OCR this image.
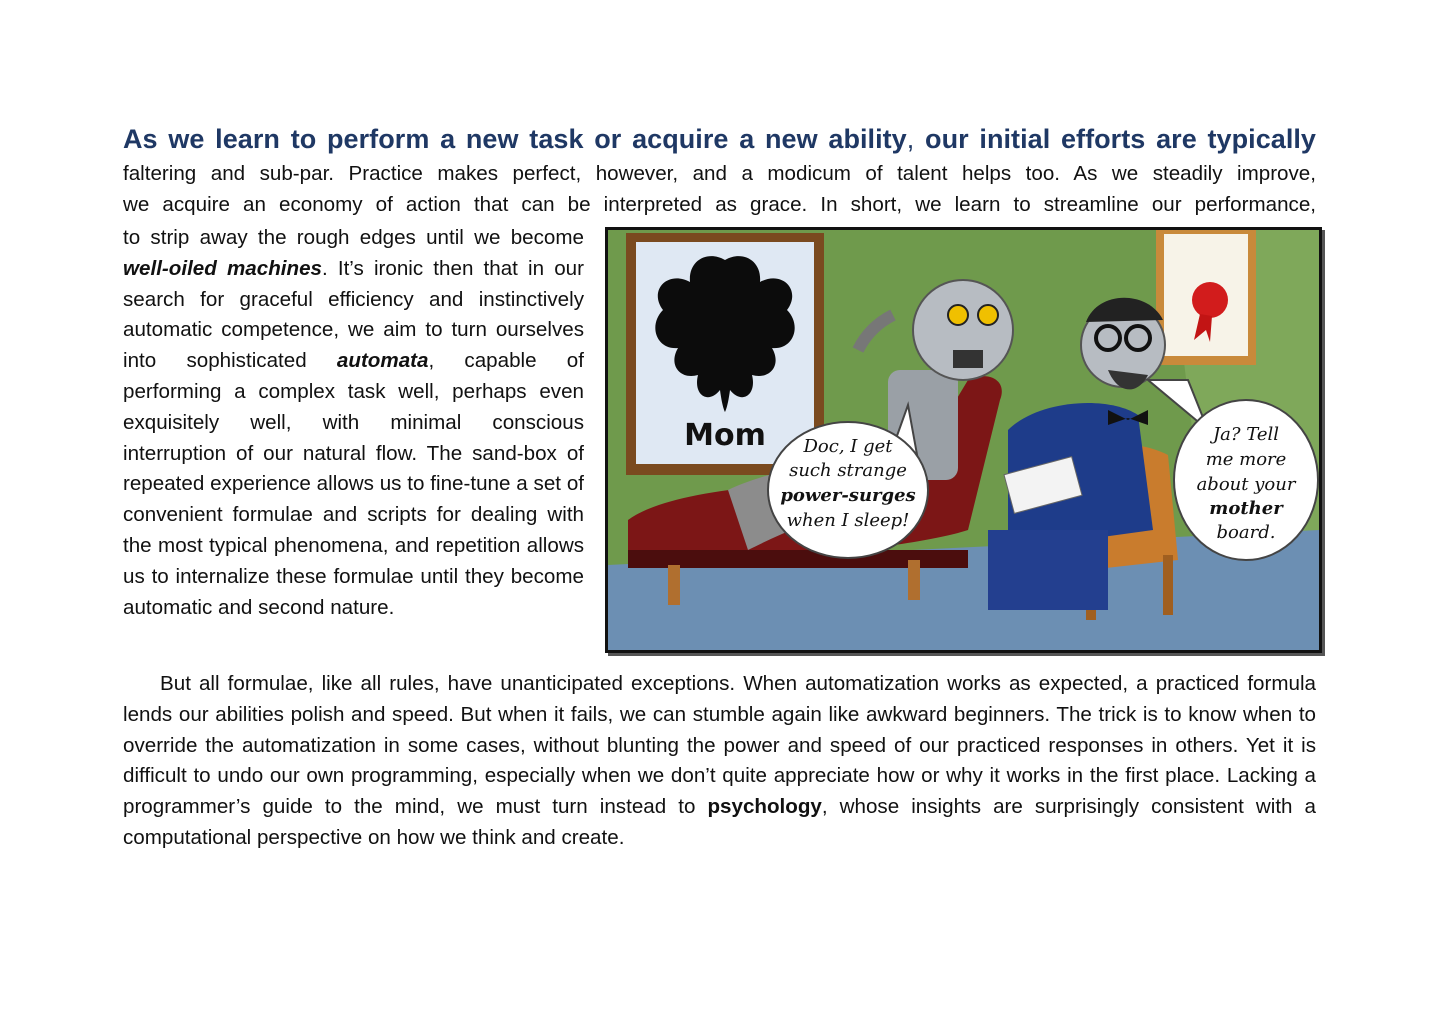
As we learn to perform a new task or acquire a new ability, our initial efforts are typically
faltering and sub-par. Practice makes perfect, however, and a modicum of talent helps too. As we steadily improve,
we acquire an economy of action that can be interpreted as grace. In short, we learn to streamline our performance,

to strip away the rough edges until we become well-oiled machines. It’s ironic then that in our search for graceful efficiency and instinctively automatic competence, we aim to turn ourselves into sophisticated automata, capable of performing a complex task well, perhaps even exquisitely well, with minimal conscious interruption of our natural flow. The sand-box of repeated experience allows us to fine-tune a set of convenient formulae and scripts for dealing with the most typical phenomena, and repetition allows us to internalize these formulae until they become automatic and second nature.

Mom Doc, I get
such strange
power-surges
when I sleep!
Ja? Tell
me more
about your
mother
board.
But all formulae, like all rules, have unanticipated exceptions. When automatization works as expected, a practiced formula lends our abilities polish and speed. But when it fails, we can stumble again like awkward beginners. The trick is to know when to override the automatization in some cases, without blunting the power and speed of our practiced responses in others. Yet it is difficult to undo our own programming, especially when we don’t quite appreciate how or why it works in the first place. Lacking a programmer’s guide to the mind, we must turn instead to psychology, whose insights are surprisingly consistent with a computational perspective on how we think and create.
